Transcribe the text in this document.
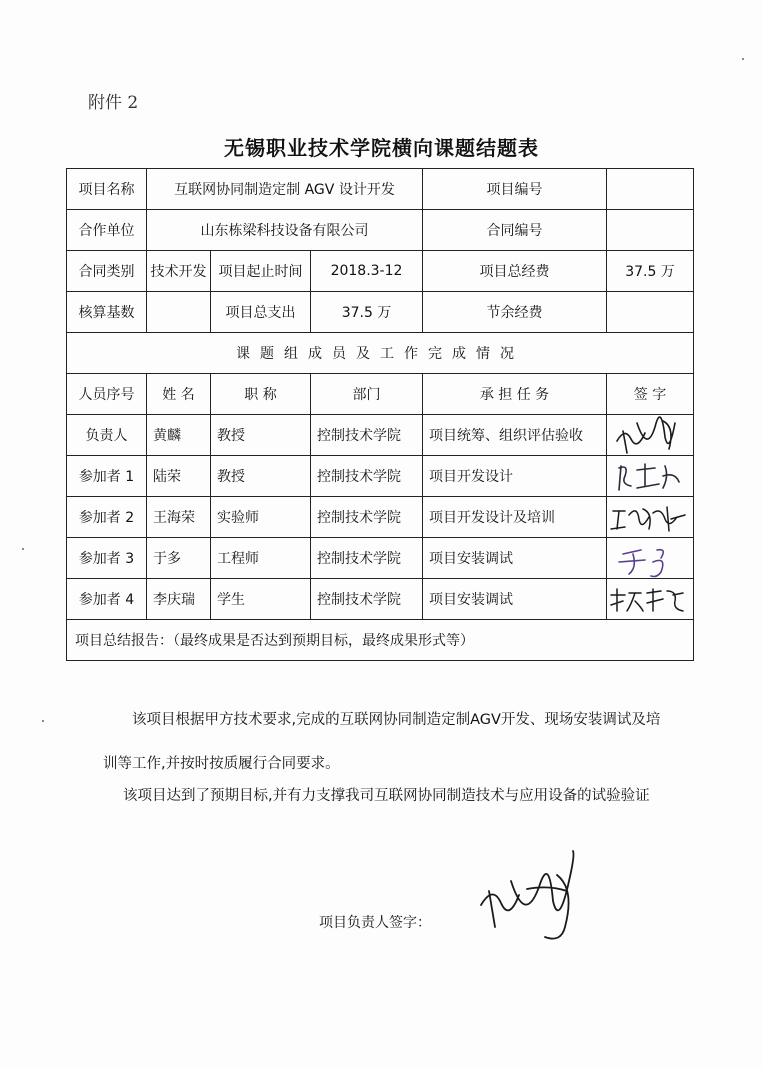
附件 2
无锡职业技术学院横向课题结题表
项目名称	互联网协同制造定制 AGV 设计开发			项目编号	
合作单位	山东栋梁科技设备有限公司			合同编号	
合同类别	技术开发	项目起止时间	2018.3-12	项目总经费	37.5 万
核算基数		项目总支出	37.5 万	节余经费	
课题组成员及工作完成情况					
人员序号	姓 名	职 称	部门	承 担 任 务	签 字
负责人	黄麟	教授	控制技术学院	项目统筹、组织评估验收	

参加者 1	陆荣	教授	控制技术学院	项目开发设计	

参加者 2	王海荣	实验师	控制技术学院	项目开发设计及培训	

参加者 3	于多	工程师	控制技术学院	项目安装调试	

参加者 4	李庆瑞	学生	控制技术学院	项目安装调试	

项目总结报告：（最终成果是否达到预期目标，最终成果形式等）
该项目根据甲方技术要求,完成的互联网协同制造定制AGV开发、现场安装调试及培训等工作,并按时按质履行合同要求。
该项目达到了预期目标,并有力支撑我司互联网协同制造技术与应用设备的试验验证
项目负责人签字：					
